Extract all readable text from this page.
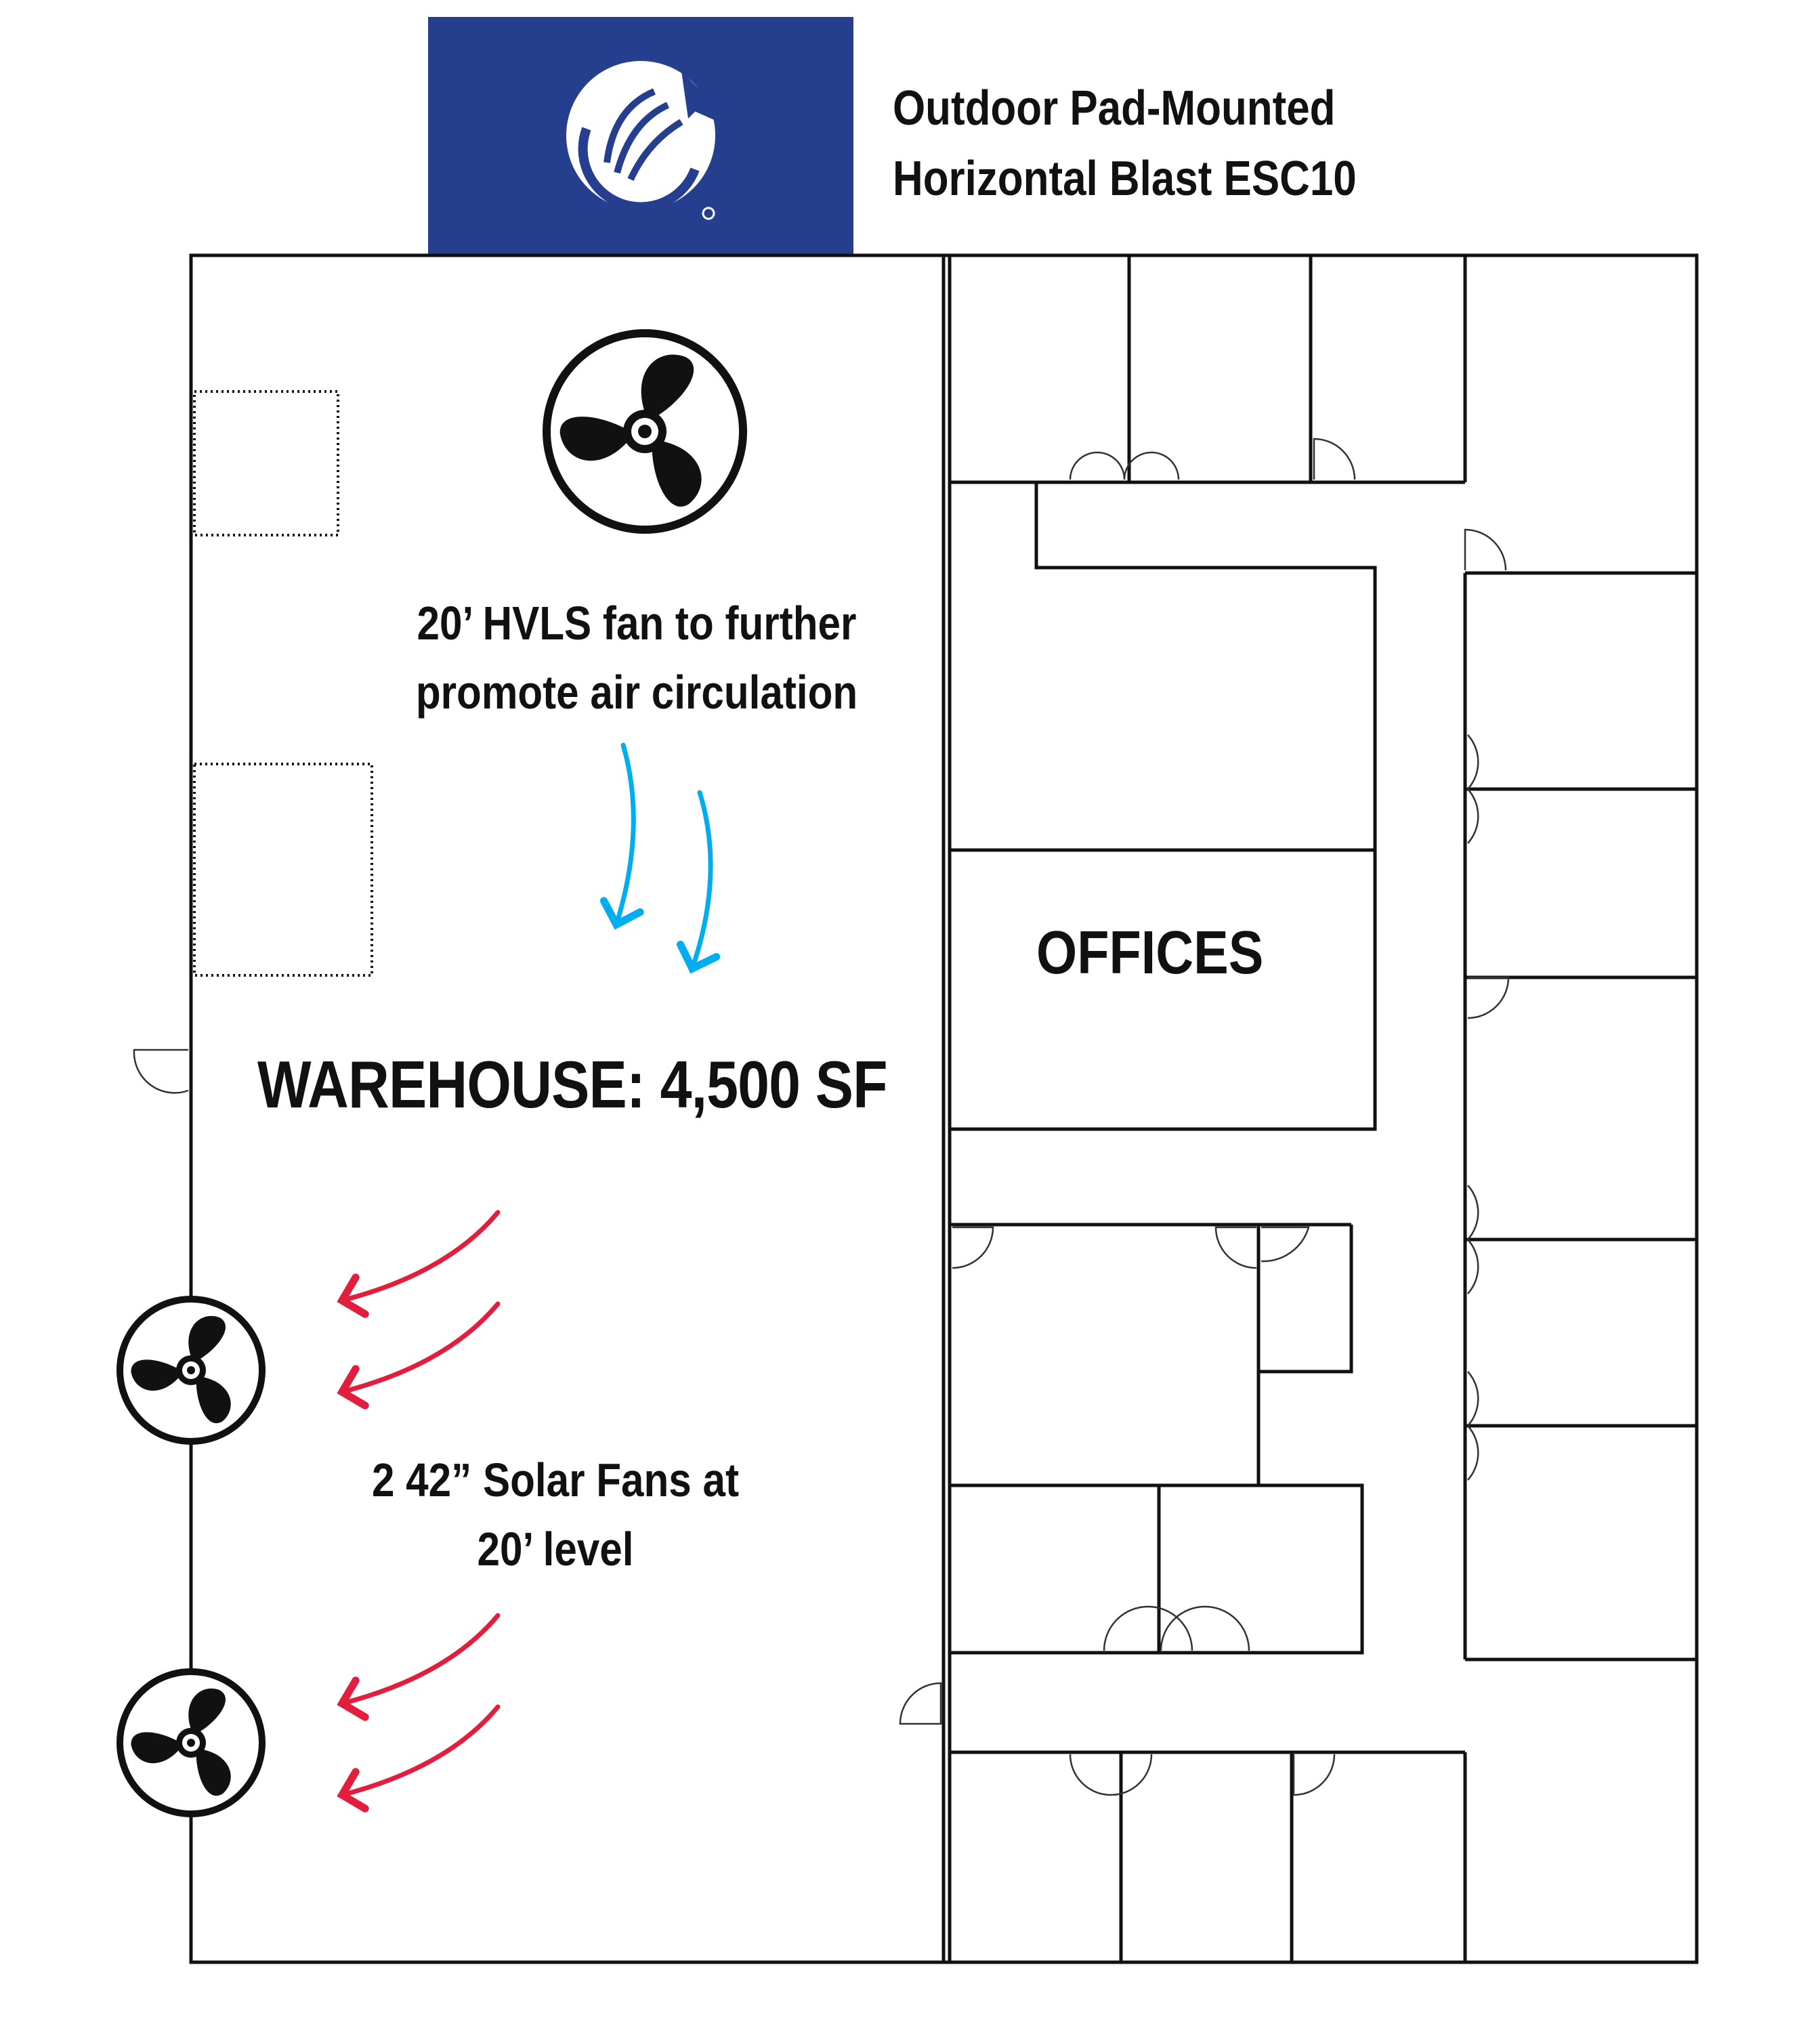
Outdoor Pad-Mounted
Horizontal Blast ESC10
20’ HVLS fan to further
promote air circulation
OFFICES
WAREHOUSE: 4,500 SF
2 42” Solar Fans at
20’ level
